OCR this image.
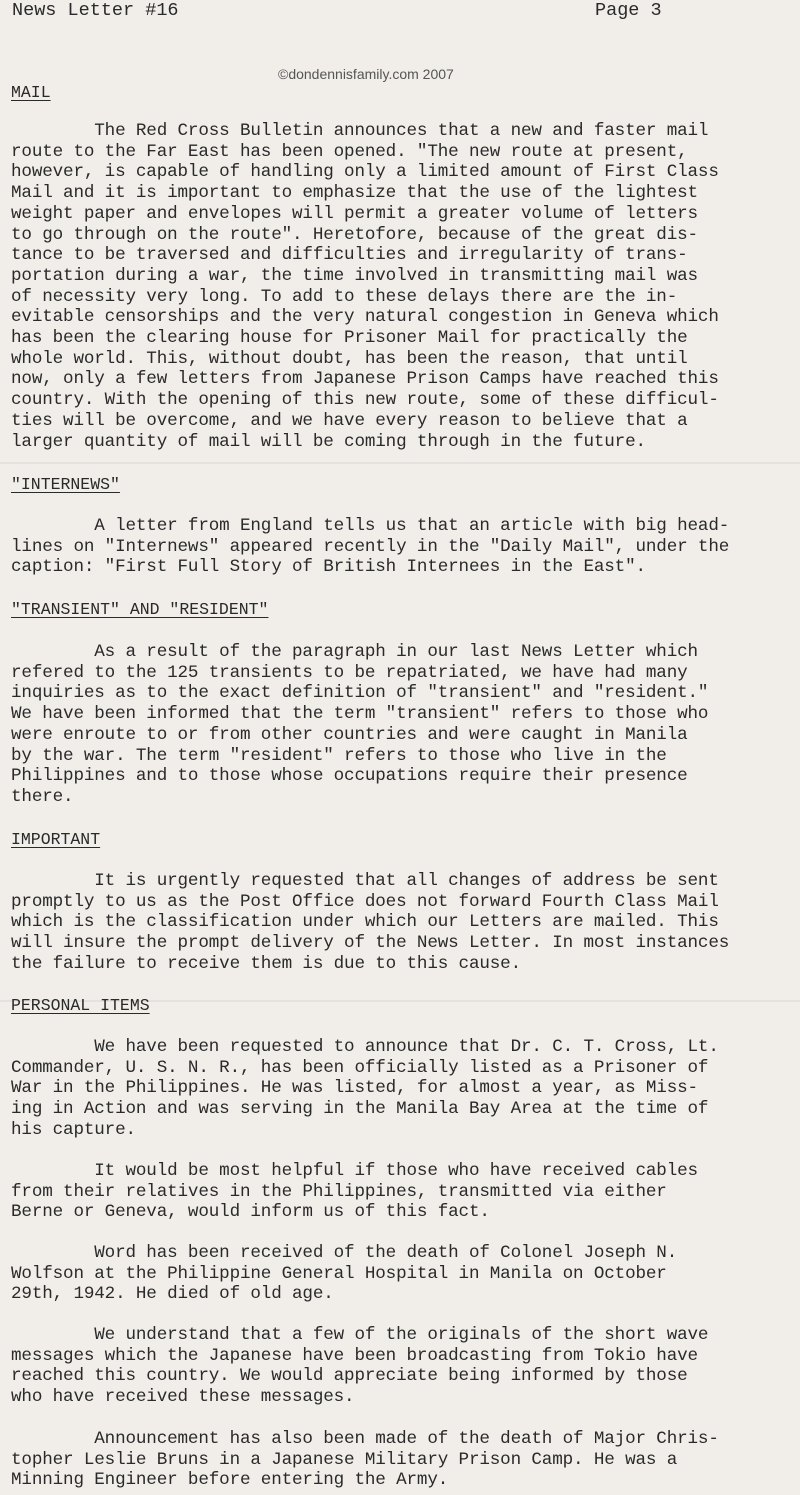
News Letter #16	Page 3
©dondennisfamily.com 2007
MAIL
The Red Cross Bulletin announces that a new and faster mail
route to the Far East has been opened. "The new route at present,
however, is capable of handling only a limited amount of First Class
Mail and it is important to emphasize that the use of the lightest
weight paper and envelopes will permit a greater volume of letters
to go through on the route". Heretofore, because of the great dis-
tance to be traversed and difficulties and irregularity of trans-
portation during a war, the time involved in transmitting mail was
of necessity very long. To add to these delays there are the in-
evitable censorships and the very natural congestion in Geneva which
has been the clearing house for Prisoner Mail for practically the
whole world. This, without doubt, has been the reason, that until
now, only a few letters from Japanese Prison Camps have reached this
country. With the opening of this new route, some of these difficul-
ties will be overcome, and we have every reason to believe that a
larger quantity of mail will be coming through in the future.
"INTERNEWS"
A letter from England tells us that an article with big head-
lines on "Internews" appeared recently in the "Daily Mail", under the
caption: "First Full Story of British Internees in the East".
"TRANSIENT" AND "RESIDENT"
As a result of the paragraph in our last News Letter which
refered to the 125 transients to be repatriated, we have had many
inquiries as to the exact definition of "transient" and "resident."
We have been informed that the term "transient" refers to those who
were enroute to or from other countries and were caught in Manila
by the war. The term "resident" refers to those who live in the
Philippines and to those whose occupations require their presence
there.
IMPORTANT
It is urgently requested that all changes of address be sent
promptly to us as the Post Office does not forward Fourth Class Mail
which is the classification under which our Letters are mailed. This
will insure the prompt delivery of the News Letter. In most instances
the failure to receive them is due to this cause.
PERSONAL ITEMS
We have been requested to announce that Dr. C. T. Cross, Lt.
Commander, U. S. N. R., has been officially listed as a Prisoner of
War in the Philippines. He was listed, for almost a year, as Miss-
ing in Action and was serving in the Manila Bay Area at the time of
his capture.
It would be most helpful if those who have received cables
from their relatives in the Philippines, transmitted via either
Berne or Geneva, would inform us of this fact.
Word has been received of the death of Colonel Joseph N.
Wolfson at the Philippine General Hospital in Manila on October
29th, 1942. He died of old age.
We understand that a few of the originals of the short wave
messages which the Japanese have been broadcasting from Tokio have
reached this country. We would appreciate being informed by those
who have received these messages.
Announcement has also been made of the death of Major Chris-
topher Leslie Bruns in a Japanese Military Prison Camp. He was a
Minning Engineer before entering the Army.
